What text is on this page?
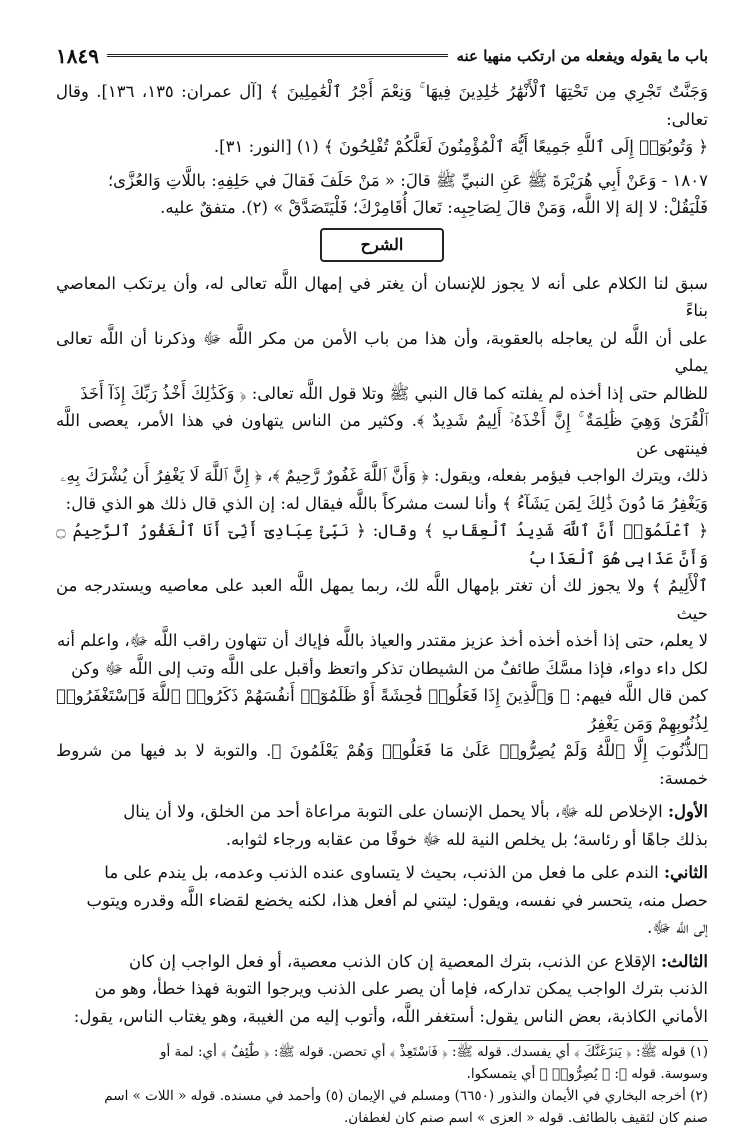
باب ما يقوله ويفعله من ارتكب منهيا عنه
١٨٤٩

وَجَنَّتٌ تَجْرِي مِن تَحْتِهَا ٱلْأَنْهَٰرُ خَٰلِدِينَ فِيهَا ۚ وَنِعْمَ أَجْرُ ٱلْعَٰمِلِينَ ﴾ [آل عمران: ١٣٥، ١٣٦]. وقال تعالى:

﴿ وَتُوبُوٓا۟ إِلَى ٱللَّهِ جَمِيعًا أَيُّهَ ٱلْمُؤْمِنُونَ لَعَلَّكُمْ تُفْلِحُونَ ﴾ (١) [النور: ٣١].

١٨٠٧ - وَعَنْ أَبِي هُرَيْرَةَ ﷺ عَنِ النبيِّ ﷺ قالَ: « مَنْ حَلَفَ فَقالَ في حَلِفِهِ: باللَّاتِ وَالعُزَّى؛

فَلْيَقُلْ: لا إلهَ إلا اللَّه، وَمَنْ قالَ لِصَاحِبِه: تَعالَ أُقَامِرْكَ؛ فَلْيَتَصَدَّقْ » (٢). متفقٌ عليه.

الشرح

سبق لنا الكلام على أنه لا يجوز للإنسان أن يغتر في إمهال اللَّه تعالى له، وأن يرتكب المعاصي بناءً

على أن اللَّه لن يعاجله بالعقوبة، وأن هذا من باب الأمن من مكر اللَّه ﷻ وذكرنا أن اللَّه تعالى يملي

للظالم حتى إذا أخذه لم يفلته كما قال النبي ﷺ وتلا قول اللَّه تعالى: ﴿ وَكَذَٰلِكَ أَخْذُ رَبِّكَ إِذَآ أَخَذَ

ٱلْقُرَىٰ وَهِيَ ظَٰلِمَةٌ ۚ إِنَّ أَخْذَهُۥٓ أَلِيمٌ شَدِيدٌ ﴾. وكثير من الناس يتهاون في هذا الأمر، يعصى اللَّه فينتهى عن

ذلك، ويترك الواجب فيؤمر بفعله، ويقول: ﴿ وَأَنَّ ٱللَّهَ غَفُورٌ رَّحِيمٌ ﴾، ﴿ إِنَّ ٱللَّهَ لَا يَغْفِرُ أَن يُشْرَكَ بِهِۦ

وَيَغْفِرُ مَا دُونَ ذَٰلِكَ لِمَن يَشَآءُ ﴾ وأنا لست مشركاً باللَّه فيقال له: إن الذي قال ذلك هو الذي قال:

﴿ ٱعْلَمُوٓا۟ أَنَّ ٱللَّهَ شَدِيدُ ٱلْعِقَابِ ﴾ وقال: ﴿ نَبِّئْ عِبَادِىٓ أَنِّىٓ أَنَا ٱلْغَفُورُ ٱلرَّحِيمُ ۝ وَأَنَّ عَذَابِى هُوَ ٱلْعَذَابُ

ٱلْأَلِيمُ ﴾ ولا يجوز لك أن تغتر بإمهال اللَّه لك، ربما يمهل اللَّه العبد على معاصيه ويستدرجه من حيث

لا يعلم، حتى إذا أخذه أخذه أخذ عزيز مقتدر والعياذ باللَّه فإياك أن تتهاون راقب اللَّه ﷻ، واعلم أنه

لكل داء دواء، فإذا مسَّكَ طائفٌ من الشيطان تذكر واتعظ وأقبل على اللَّه وتب إلى اللَّه ﷻ وكن

كمن قال اللَّه فيهم: ﴿ وَٱلَّذِينَ إِذَا فَعَلُوا۟ فَٰحِشَةً أَوْ ظَلَمُوٓا۟ أَنفُسَهُمْ ذَكَرُوا۟ ٱللَّهَ فَٱسْتَغْفَرُوا۟ لِذُنُوبِهِمْ وَمَن يَغْفِرُ

ٱلذُّنُوبَ إِلَّا ٱللَّهُ وَلَمْ يُصِرُّوا۟ عَلَىٰ مَا فَعَلُوا۟ وَهُمْ يَعْلَمُونَ ﴾. والتوبة لا بد فيها من شروط خمسة:

الأول: الإخلاص لله ﷻ، بألا يحمل الإنسان على التوبة مراعاة أحد من الخلق، ولا أن ينال

بذلك جاهًا أو رئاسة؛ بل يخلص النية لله ﷻ خوفًا من عقابه ورجاء لثوابه.

الثاني: الندم على ما فعل من الذنب، بحيث لا يتساوى عنده الذنب وعدمه، بل يندم على ما

حصل منه، يتحسر في نفسه، ويقول: ليتني لم أفعل هذا، لكنه يخضع لقضاء اللَّه وقدره ويتوب

إلى اللَّه ﷻ.

الثالث: الإقلاع عن الذنب، بترك المعصية إن كان الذنب معصية، أو فعل الواجب إن كان

الذنب بترك الواجب يمكن تداركه، فإما أن يصر على الذنب ويرجوا التوبة فهذا خطأ، وهو من

الأماني الكاذبة، بعض الناس يقول: أستغفر اللَّه، وأتوب إليه من الغيبة، وهو يغتاب الناس، يقول:

(١) قوله ﷺ: ﴿ يَنزَغَنَّكَ ﴾ أي يفسدك. قوله ﷺ: ﴿ فَٱسْتَعِذْ ﴾ أي تحصن. قوله ﷺ: ﴿ طَٰٓئِفٌ ﴾ أي: لمة أو

وسوسة. قوله ﷺ: ﴿ يُصِرُّوا۟ ﴾ أي يتمسكوا.

(٢) أخرجه البخاري في الأيمان والنذور (٦٦٥٠) ومسلم في الإيمان (٥) وأحمد في مسنده. قوله « اللات » اسم

صنم كان لثقيف بالطائف. قوله « العزى » اسم صنم كان لغطفان.
